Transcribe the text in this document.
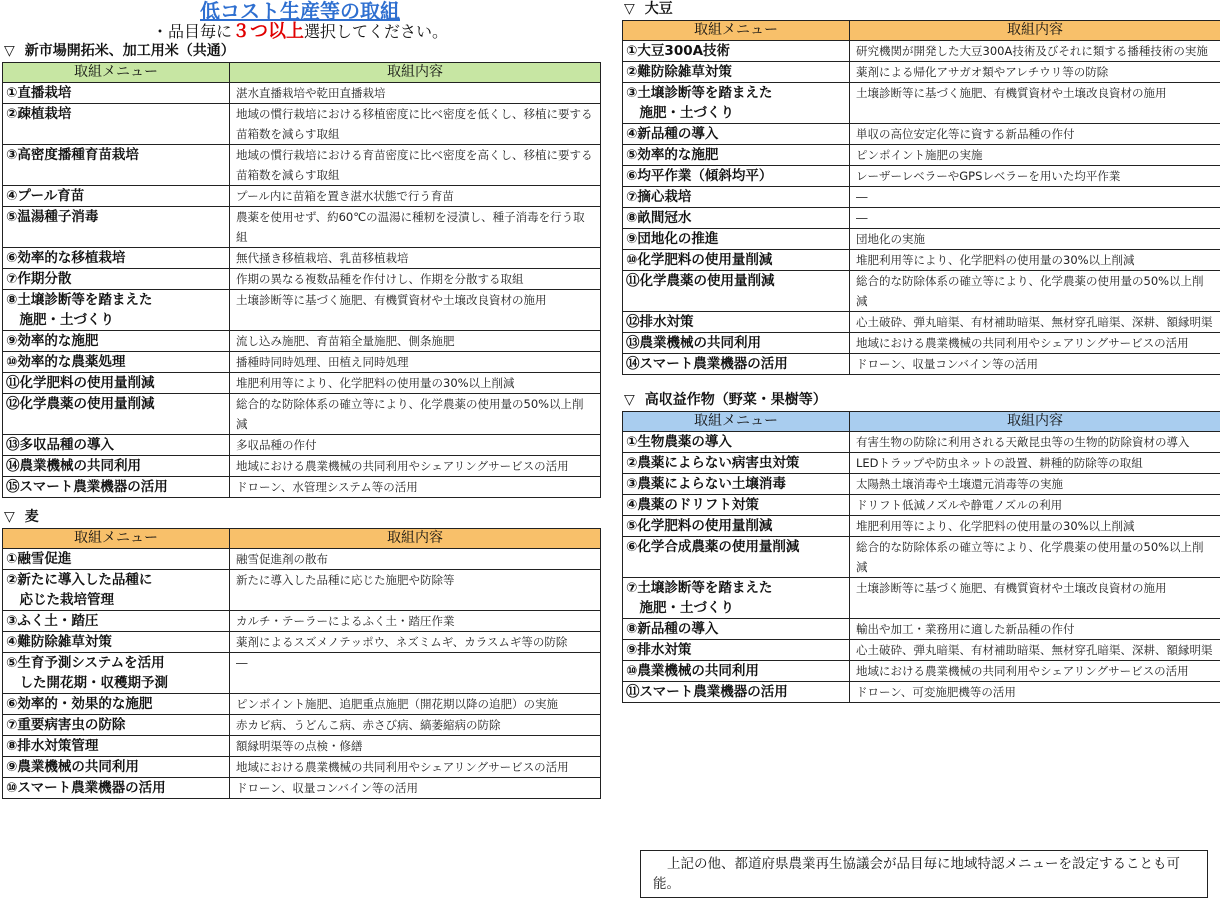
低コスト生産等の取組
・品目毎に３つ以上選択してください。
▽ 新市場開拓米、加工用米（共通）
取組メニュー	取組内容
①直播栽培	湛水直播栽培や乾田直播栽培
②疎植栽培	地域の慣行栽培における移植密度に比べ密度を低くし、移植に要する苗箱数を減らす取組
③高密度播種育苗栽培	地域の慣行栽培における育苗密度に比べ密度を高くし、移植に要する苗箱数を減らす取組
④プール育苗	プール内に苗箱を置き湛水状態で行う育苗
⑤温湯種子消毒	農薬を使用せず、約60℃の温湯に種籾を浸漬し、種子消毒を行う取組
⑥効率的な移植栽培	無代掻き移植栽培、乳苗移植栽培
⑦作期分散	作期の異なる複数品種を作付けし、作期を分散する取組
⑧土壌診断等を踏まえた
　施肥・土づくり	土壌診断等に基づく施肥、有機質資材や土壌改良資材の施用
⑨効率的な施肥	流し込み施肥、育苗箱全量施肥、側条施肥
⑩効率的な農薬処理	播種時同時処理、田植え同時処理
⑪化学肥料の使用量削減	堆肥利用等により、化学肥料の使用量の30%以上削減
⑫化学農薬の使用量削減	総合的な防除体系の確立等により、化学農薬の使用量の50%以上削減
⑬多収品種の導入	多収品種の作付
⑭農業機械の共同利用	地域における農業機械の共同利用やシェアリングサービスの活用
⑮スマート農業機器の活用	ドローン、水管理システム等の活用
▽ 麦
取組メニュー	取組内容
①融雪促進	融雪促進剤の散布
②新たに導入した品種に
　応じた栽培管理	新たに導入した品種に応じた施肥や防除等
③ふく土・踏圧	カルチ・テーラーによるふく土・踏圧作業
④難防除雑草対策	薬剤によるスズメノテッポウ、ネズミムギ、カラスムギ等の防除
⑤生育予測システムを活用
　した開花期・収穫期予測	―
⑥効率的・効果的な施肥	ピンポイント施肥、追肥重点施肥（開花期以降の追肥）の実施
⑦重要病害虫の防除	赤カビ病、うどんこ病、赤さび病、縞萎縮病の防除
⑧排水対策管理	額縁明渠等の点検・修繕
⑨農業機械の共同利用	地域における農業機械の共同利用やシェアリングサービスの活用
⑩スマート農業機器の活用	ドローン、収量コンバイン等の活用
▽ 大豆
取組メニュー	取組内容
①大豆300A技術	研究機関が開発した大豆300A技術及びそれに類する播種技術の実施
②難防除雑草対策	薬剤による帰化アサガオ類やアレチウリ等の防除
③土壌診断等を踏まえた
　施肥・土づくり	土壌診断等に基づく施肥、有機質資材や土壌改良資材の施用
④新品種の導入	単収の高位安定化等に資する新品種の作付
⑤効率的な施肥	ピンポイント施肥の実施
⑥均平作業（傾斜均平）	レーザーレベラーやGPSレベラーを用いた均平作業
⑦摘心栽培	―
⑧畝間冠水	―
⑨団地化の推進	団地化の実施
⑩化学肥料の使用量削減	堆肥利用等により、化学肥料の使用量の30%以上削減
⑪化学農薬の使用量削減	総合的な防除体系の確立等により、化学農薬の使用量の50%以上削減
⑫排水対策	心土破砕、弾丸暗渠、有材補助暗渠、無材穿孔暗渠、深耕、額縁明渠
⑬農業機械の共同利用	地域における農業機械の共同利用やシェアリングサービスの活用
⑭スマート農業機器の活用	ドローン、収量コンバイン等の活用
▽ 高収益作物（野菜・果樹等）
取組メニュー	取組内容
①生物農薬の導入	有害生物の防除に利用される天敵昆虫等の生物的防除資材の導入
②農薬によらない病害虫対策	LEDトラップや防虫ネットの設置、耕種的防除等の取組
③農薬によらない土壌消毒	太陽熱土壌消毒や土壌還元消毒等の実施
④農薬のドリフト対策	ドリフト低減ノズルや静電ノズルの利用
⑤化学肥料の使用量削減	堆肥利用等により、化学肥料の使用量の30%以上削減
⑥化学合成農薬の使用量削減	総合的な防除体系の確立等により、化学農薬の使用量の50%以上削減
⑦土壌診断等を踏まえた
　施肥・土づくり	土壌診断等に基づく施肥、有機質資材や土壌改良資材の施用
⑧新品種の導入	輸出や加工・業務用に適した新品種の作付
⑨排水対策	心土破砕、弾丸暗渠、有材補助暗渠、無材穿孔暗渠、深耕、額縁明渠
⑩農業機械の共同利用	地域における農業機械の共同利用やシェアリングサービスの活用
⑪スマート農業機器の活用	ドローン、可変施肥機等の活用
上記の他、都道府県農業再生協議会が品目毎に地域特認メニューを設定することも可能。
